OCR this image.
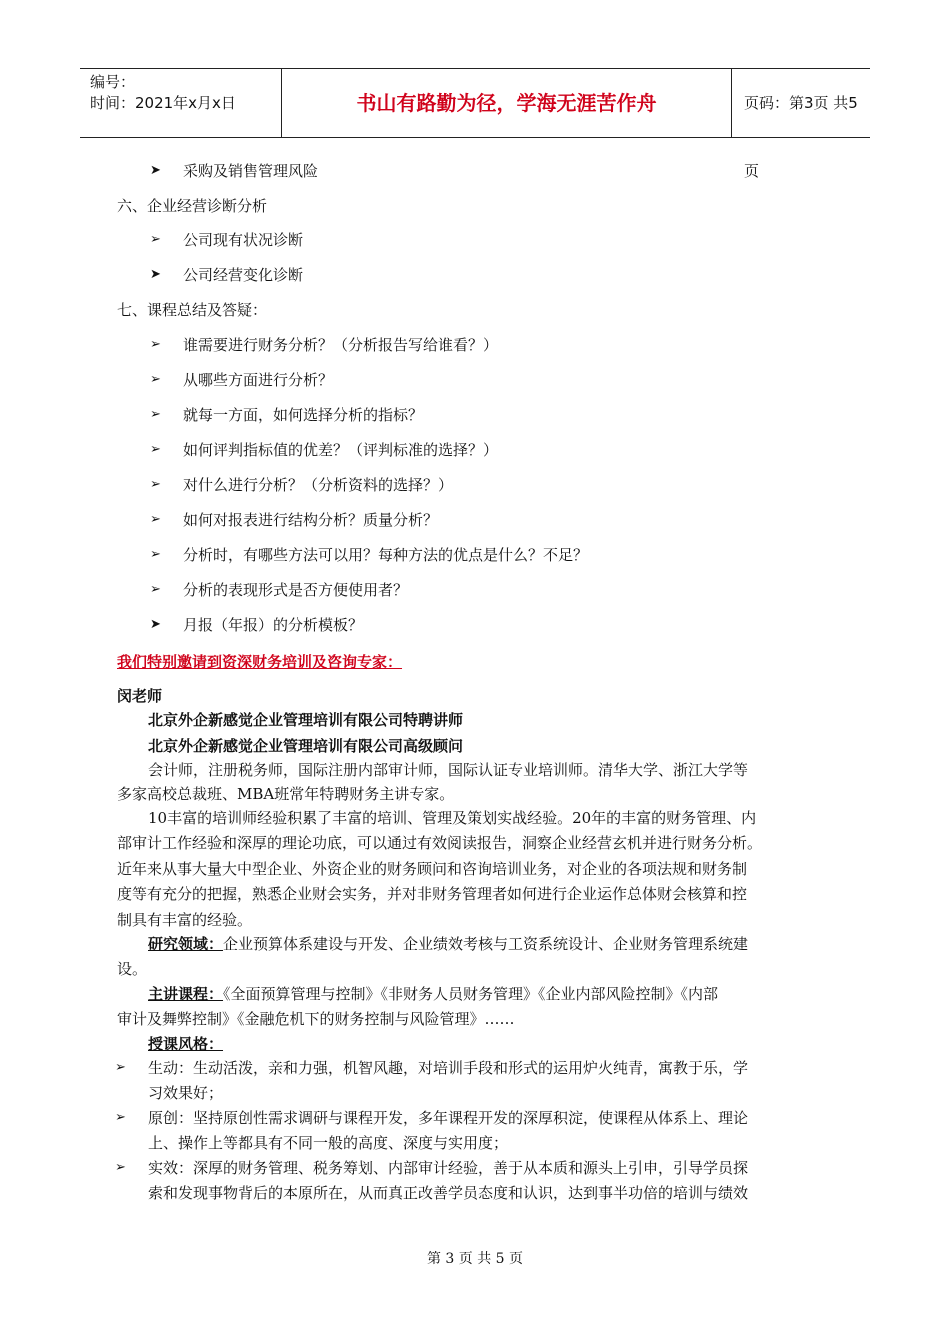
编号：
时间：2021年x月x日	书山有路勤为径，学海无涯苦作舟	页码：第3页 共5页
➤ 采购及销售管理风险
六、企业经营诊断分析
➢ 公司现有状况诊断
➤ 公司经营变化诊断
七、课程总结及答疑：
➢ 谁需要进行财务分析？（分析报告写给谁看？）
➢ 从哪些方面进行分析？
➢ 就每一方面，如何选择分析的指标？
➢ 如何评判指标值的优差？（评判标准的选择？）
➢ 对什么进行分析？（分析资料的选择？）
➢ 如何对报表进行结构分析？质量分析？
➢ 分析时，有哪些方法可以用？每种方法的优点是什么？不足？
➢ 分析的表现形式是否方便使用者？
➤ 月报（年报）的分析模板？
我们特别邀请到资深财务培训及咨询专家：
闵老师
北京外企新感觉企业管理培训有限公司特聘讲师
北京外企新感觉企业管理培训有限公司高级顾问
会计师，注册税务师，国际注册内部审计师，国际认证专业培训师。清华大学、浙江大学等
多家高校总裁班、MBA班常年特聘财务主讲专家。
10丰富的培训师经验积累了丰富的培训、管理及策划实战经验。20年的丰富的财务管理、内
部审计工作经验和深厚的理论功底，可以通过有效阅读报告，洞察企业经营玄机并进行财务分析。
近年来从事大量大中型企业、外资企业的财务顾问和咨询培训业务，对企业的各项法规和财务制
度等有充分的把握，熟悉企业财会实务，并对非财务管理者如何进行企业运作总体财会核算和控
制具有丰富的经验。
研究领域：企业预算体系建设与开发、企业绩效考核与工资系统设计、企业财务管理系统建
设。
主讲课程：《全面预算管理与控制》《非财务人员财务管理》《企业内部风险控制》《内部
审计及舞弊控制》《金融危机下的财务控制与风险管理》……
授课风格：
➢ 生动：生动活泼，亲和力强，机智风趣，对培训手段和形式的运用炉火纯青，寓教于乐，学
习效果好；
➢ 原创：坚持原创性需求调研与课程开发，多年课程开发的深厚积淀，使课程从体系上、理论
上、操作上等都具有不同一般的高度、深度与实用度；
➢ 实效：深厚的财务管理、税务筹划、内部审计经验，善于从本质和源头上引申，引导学员探
索和发现事物背后的本原所在，从而真正改善学员态度和认识，达到事半功倍的培训与绩效
第 3 页 共 5 页
